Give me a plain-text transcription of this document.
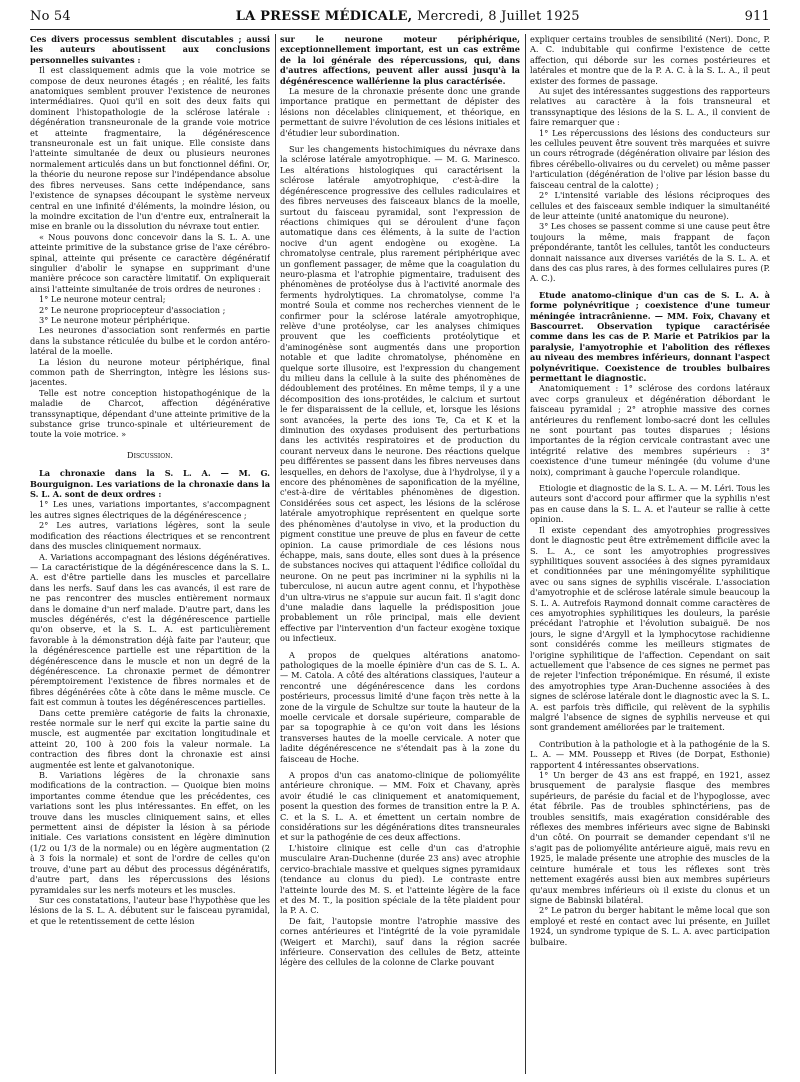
No 54	LA PRESSE MÉDICALE, Mercredi, 8 Juillet 1925	911

Ces divers processus semblent discutables ; aussi les auteurs aboutissent aux conclusions personnelles suivantes :

Il est classiquement admis que la voie motrice se compose de deux neurones étagés ; en réalité, les faits anatomiques semblent prouver l'existence de neurones intermédiaires. Quoi qu'il en soit des deux faits qui dominent l'histopathologie de la sclérose latérale : dégénération transneuronale de la grande voie motrice et atteinte fragmentaire, la dégénérescence transneuronale est un fait unique. Elle consiste dans l'atteinte simultanée de deux ou plusieurs neurones normalement articulés dans un but fonctionnel défini. Or, la théorie du neurone repose sur l'indépendance absolue des fibres nerveuses. Sans cette indépendance, sans l'existence de synapses découpant le système nerveux central en une infinité d'éléments, la moindre lésion, ou la moindre excitation de l'un d'entre eux, entraînerait la mise en branle ou la dissolution du névraxe tout entier.

« Nous pouvons donc concevoir dans la S. L. A. une atteinte primitive de la substance grise de l'axe cérébro-spinal, atteinte qui présente ce caractère dégénératif singulier d'abolir le synapse en supprimant d'une manière précoce son caractère limitatif. On expliquerait ainsi l'atteinte simultanée de trois ordres de neurones :

1° Le neurone moteur central;

2° Le neurone propriocepteur d'association ;

3° Le neurone moteur périphérique.

Les neurones d'association sont renfermés en partie dans la substance réticulée du bulbe et le cordon antéro-latéral de la moelle.

La lésion du neurone moteur périphérique, final common path de Sherrington, intègre les lésions sus-jacentes.

Telle est notre conception histopathogénique de la maladie de Charcot, affection dégénérative transsynaptique, dépendant d'une atteinte primitive de la substance grise trunco-spinale et ultérieurement de toute la voie motrice. »

Discussion.

La chronaxie dans la S. L. A. — M. G. Bourguignon. Les variations de la chronaxie dans la S. L. A. sont de deux ordres :

1° Les unes, variations importantes, s'accompagnent les autres signes électriques de la dégénérescence ;

2° Les autres, variations légères, sont la seule modification des réactions électriques et se rencontrent dans des muscles cliniquement normaux.

A. Variations accompagnant des lésions dégénératives. — La caractéristique de la dégénérescence dans la S. L. A. est d'être partielle dans les muscles et parcellaire dans les nerfs. Sauf dans les cas avancés, il est rare de ne pas rencontrer des muscles entièrement normaux dans le domaine d'un nerf malade. D'autre part, dans les muscles dégénérés, c'est la dégénérescence partielle qu'on observe, et la S. L. A. est particulièrement favorable à la démonstration déjà faite par l'auteur, que la dégénérescence partielle est une répartition de la dégénérescence dans le muscle et non un degré de la dégénérescence. La chronaxie permet de démontrer péremptoirement l'existence de fibres normales et de fibres dégénérées côte à côte dans le même muscle. Ce fait est commun à toutes les dégénérescences partielles.

Dans cette première catégorie de faits la chronaxie, restée normale sur le nerf qui excite la partie saine du muscle, est augmentée par excitation longitudinale et atteint 20, 100 à 200 fois la valeur normale. La contraction des fibres dont la chronaxie est ainsi augmentée est lente et galvanotonique.

B. Variations légères de la chronaxie sans modifications de la contraction. — Quoique bien moins importantes comme étendue que les précédentes, ces variations sont les plus intéressantes. En effet, on les trouve dans les muscles cliniquement sains, et elles permettent ainsi de dépister la lésion à sa période initiale. Ces variations consistent en légère diminution (1/2 ou 1/3 de la normale) ou en légère augmentation (2 à 3 fois la normale) et sont de l'ordre de celles qu'on trouve, d'une part au début des processus dégénératifs, d'autre part, dans les répercussions des lésions pyramidales sur les nerfs moteurs et les muscles.

Sur ces constatations, l'auteur base l'hypothèse que les lésions de la S. L. A. débutent sur le faisceau pyramidal, et que le retentissement de cette lésion

sur le neurone moteur périphérique, exceptionnellement important, est un cas extrême de la loi générale des répercussions, qui, dans d'autres affections, peuvent aller aussi jusqu'à la dégénérescence wallérienne la plus caractérisée.

La mesure de la chronaxie présente donc une grande importance pratique en permettant de dépister des lésions non décelables cliniquement, et théorique, en permettant de suivre l'évolution de ces lésions initiales et d'étudier leur subordination.

Sur les changements histochimiques du névraxe dans la sclérose latérale amyotrophique. — M. G. Marinesco. Les altérations histologiques qui caractérisent la sclérose latérale amyotrophique, c'est-à-dire la dégénérescence progressive des cellules radiculaires et des fibres nerveuses des faisceaux blancs de la moelle, surtout du faisceau pyramidal, sont l'expression de réactions chimiques qui se déroulent d'une façon automatique dans ces éléments, à la suite de l'action nocive d'un agent endogène ou exogène. La chromatolyse centrale, plus rarement périphérique avec un gonflement passager, de même que la coagulation du neuro-plasma et l'atrophie pigmentaire, traduisent des phénomènes de protéolyse dus à l'activité anormale des ferments hydrolytiques. La chromatolyse, comme l'a montré Soula et comme nos recherches viennent de le confirmer pour la sclérose latérale amyotrophique, relève d'une protéolyse, car les analyses chimiques prouvent que les coefficients protéolytique et d'aminogénèse sont augmentés dans une proportion notable et que ladite chromatolyse, phénomène en quelque sorte illusoire, est l'expression du changement du milieu dans la cellule à la suite des phénomènes de dédoublement des protéines. En même temps, il y a une décomposition des ions-protéides, le calcium et surtout le fer disparaissent de la cellule, et, lorsque les lésions sont avancées, la perte des ions Te, Ca et K et la diminution des oxydases produisent des perturbations dans les activités respiratoires et de production du courant nerveux dans le neurone. Des réactions quelque peu différentes se passent dans les fibres nerveuses dans lesquelles, en dehors de l'axolyse, due à l'hydrolyse, il y a encore des phénomènes de saponification de la myéline, c'est-à-dire de véritables phénomènes de digestion. Considérées sous cet aspect, les lésions de la sclérose latérale amyotrophique représentent en quelque sorte des phénomènes d'autolyse in vivo, et la production du pigment constitue une preuve de plus en faveur de cette opinion. La cause primordiale de ces lésions nous échappe, mais, sans doute, elles sont dues à la présence de substances nocives qui attaquent l'édifice colloïdal du neurone. On ne peut pas incriminer ni la syphilis ni la tuberculose, ni aucun autre agent connu, et l'hypothèse d'un ultra-virus ne s'appuie sur aucun fait. Il s'agit donc d'une maladie dans laquelle la prédisposition joue probablement un rôle principal, mais elle devient effective par l'intervention d'un facteur exogène toxique ou infectieux.

A propos de quelques altérations anatomo-pathologiques de la moelle épinière d'un cas de S. L. A. — M. Catola. A côté des altérations classiques, l'auteur a rencontré une dégénérescence dans les cordons postérieurs, processus limité d'une façon très nette à la zone de la virgule de Schultze sur toute la hauteur de la moelle cervicale et dorsale supérieure, comparable de par sa topographie à ce qu'on voit dans les lésions transverses hautes de la moelle cervicale. A noter que ladite dégénérescence ne s'étendait pas à la zone du faisceau de Hoche.

A propos d'un cas anatomo-clinique de poliomyélite antérieure chronique. — MM. Foix et Chavany, après avoir étudié le cas cliniquement et anatomiquement, posent la question des formes de transition entre la P. A. C. et la S. L. A. et émettent un certain nombre de considérations sur les dégénérations dites transneurales et sur la pathogénie de ces deux affections.

L'histoire clinique est celle d'un cas d'atrophie musculaire Aran-Duchenne (durée 23 ans) avec atrophie cervico-brachiale massive et quelques signes pyramidaux (tendance au clonus du pied). Le contraste entre l'atteinte lourde des M. S. et l'atteinte légère de la face et des M. T., la position spéciale de la tête plaident pour la P. A. C.

De fait, l'autopsie montre l'atrophie massive des cornes antérieures et l'intégrité de la voie pyramidale (Weigert et Marchi), sauf dans la région sacrée inférieure. Conservation des cellules de Betz, atteinte légère des cellules de la colonne de Clarke pouvant

expliquer certains troubles de sensibilité (Neri). Donc, P. A. C. indubitable qui confirme l'existence de cette affection, qui déborde sur les cornes postérieures et latérales et montre que de la P. A. C. à la S. L. A., il peut exister des formes de passage.

Au sujet des intéressantes suggestions des rapporteurs relatives au caractère à la fois transneural et transsynaptique des lésions de la S. L. A., il convient de faire remarquer que :

1° Les répercussions des lésions des conducteurs sur les cellules peuvent être souvent très marquées et suivre un cours rétrograde (dégénération olivaire par lésion des fibres cérébello-olivaires ou du cervelet) ou même passer l'articulation (dégénération de l'olive par lésion basse du faisceau central de la calotte) ;

2° L'intensité variable des lésions réciproques des cellules et des faisceaux semble indiquer la simultanéité de leur atteinte (unité anatomique du neurone).

3° Les choses se passent comme si une cause peut être toujours la même, mais frappant de façon prépondérante, tantôt les cellules, tantôt les conducteurs donnait naissance aux diverses variétés de la S. L. A. et dans des cas plus rares, à des formes cellulaires pures (P. A. C.).

Etude anatomo-clinique d'un cas de S. L. A. à forme polynévritique ; coexistence d'une tumeur méningée intracrânienne. — MM. Foix, Chavany et Bascourret. Observation typique caractérisée comme dans les cas de P. Marie et Patrikios par la paralysie, l'amyotrophie et l'abolition des réflexes au niveau des membres inférieurs, donnant l'aspect polynévritique. Coexistence de troubles bulbaires permettant le diagnostic.

Anatomiquement : 1° sclérose des cordons latéraux avec corps granuleux et dégénération débordant le faisceau pyramidal ; 2° atrophie massive des cornes antérieures du renflement lombo-sacré dont les cellules ne sont pourtant pas toutes disparues ; lésions importantes de la région cervicale contrastant avec une intégrité relative des membres supérieurs : 3° coexistence d'une tumeur méningée (du volume d'une noix), comprimant à gauche l'opercule rolandique.

Etiologie et diagnostic de la S. L. A. — M. Léri. Tous les auteurs sont d'accord pour affirmer que la syphilis n'est pas en cause dans la S. L. A. et l'auteur se rallie à cette opinion.

Il existe cependant des amyotrophies progressives dont le diagnostic peut être extrêmement difficile avec la S. L. A., ce sont les amyotrophies progressives syphilitiques souvent associées à des signes pyramidaux et conditionnées par une méningomyélite syphilitique avec ou sans signes de syphilis viscérale. L'association d'amyotrophie et de sclérose latérale simule beaucoup la S. L. A. Autrefois Raymond donnait comme caractères de ces amyotrophies syphilitiques les douleurs, la parésie précédant l'atrophie et l'évolution subaiguë. De nos jours, le signe d'Argyll et la lymphocytose rachidienne sont considérés comme les meilleurs stigmates de l'origine syphilitique de l'affection. Cependant on sait actuellement que l'absence de ces signes ne permet pas de rejeter l'infection tréponémique. En résumé, il existe des amyotrophies type Aran-Duchenne associées à des signes de sclérose latérale dont le diagnostic avec la S. L. A. est parfois très difficile, qui relèvent de la syphilis malgré l'absence de signes de syphilis nerveuse et qui sont grandement améliorées par le traitement.

Contribution à la pathologie et à la pathogénie de la S. L. A. — MM. Poussepp et Rives (de Dorpat, Esthonie) rapportent 4 intéressantes observations.

1° Un berger de 43 ans est frappé, en 1921, assez brusquement de paralysie flasque des membres supérieurs, de parésie du facial et de l'hypoglosse, avec état fébrile. Pas de troubles sphinctériens, pas de troubles sensitifs, mais exagération considérable des réflexes des membres inférieurs avec signe de Babinski d'un côté. On pourrait se demander cependant s'il ne s'agit pas de poliomyélite antérieure aiguë, mais revu en 1925, le malade présente une atrophie des muscles de la ceinture humérale et tous les réflexes sont très nettement exagérés aussi bien aux membres supérieurs qu'aux membres inférieurs où il existe du clonus et un signe de Babinski bilatéral.

2° Le patron du berger habitant le même local que son employé et resté en contact avec lui présente, en Juillet 1924, un syndrome typique de S. L. A. avec participation bulbaire.
